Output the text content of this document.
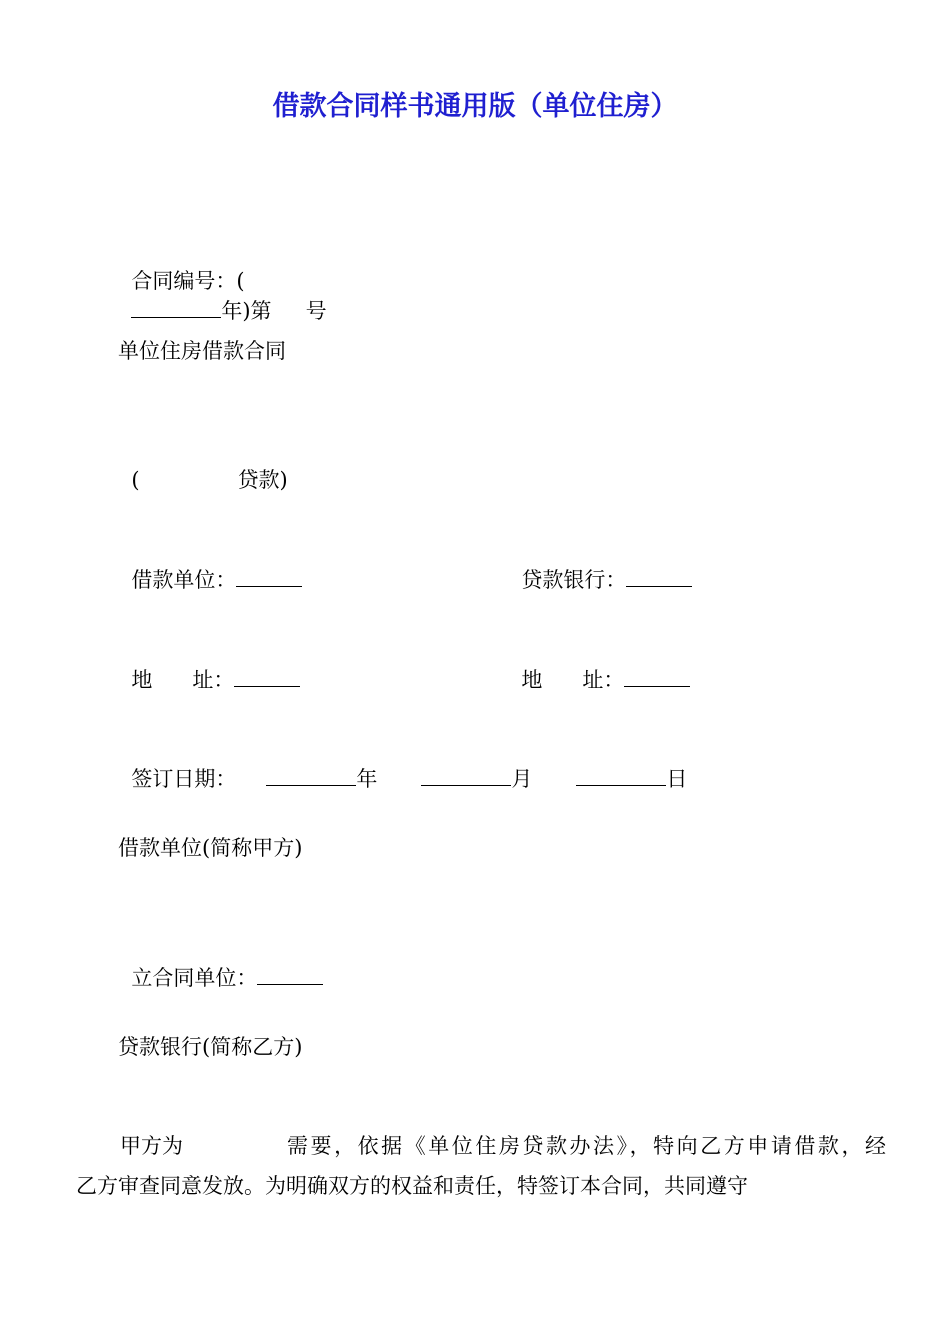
借款合同样书通用版（单位住房）

合同编号：(
年)第 号

单位住房借款合同

(	贷款)

借款单位：	贷款银行：

地      址：	地      址：

签订日期：	年	月	日

借款单位(简称甲方)

立合同单位：

贷款银行(简称乙方)
甲方为	需要，依据《单位住房贷款办法》，特向乙方申请借款，经
乙方审查同意发放。为明确双方的权益和责任，特签订本合同，共同遵守
